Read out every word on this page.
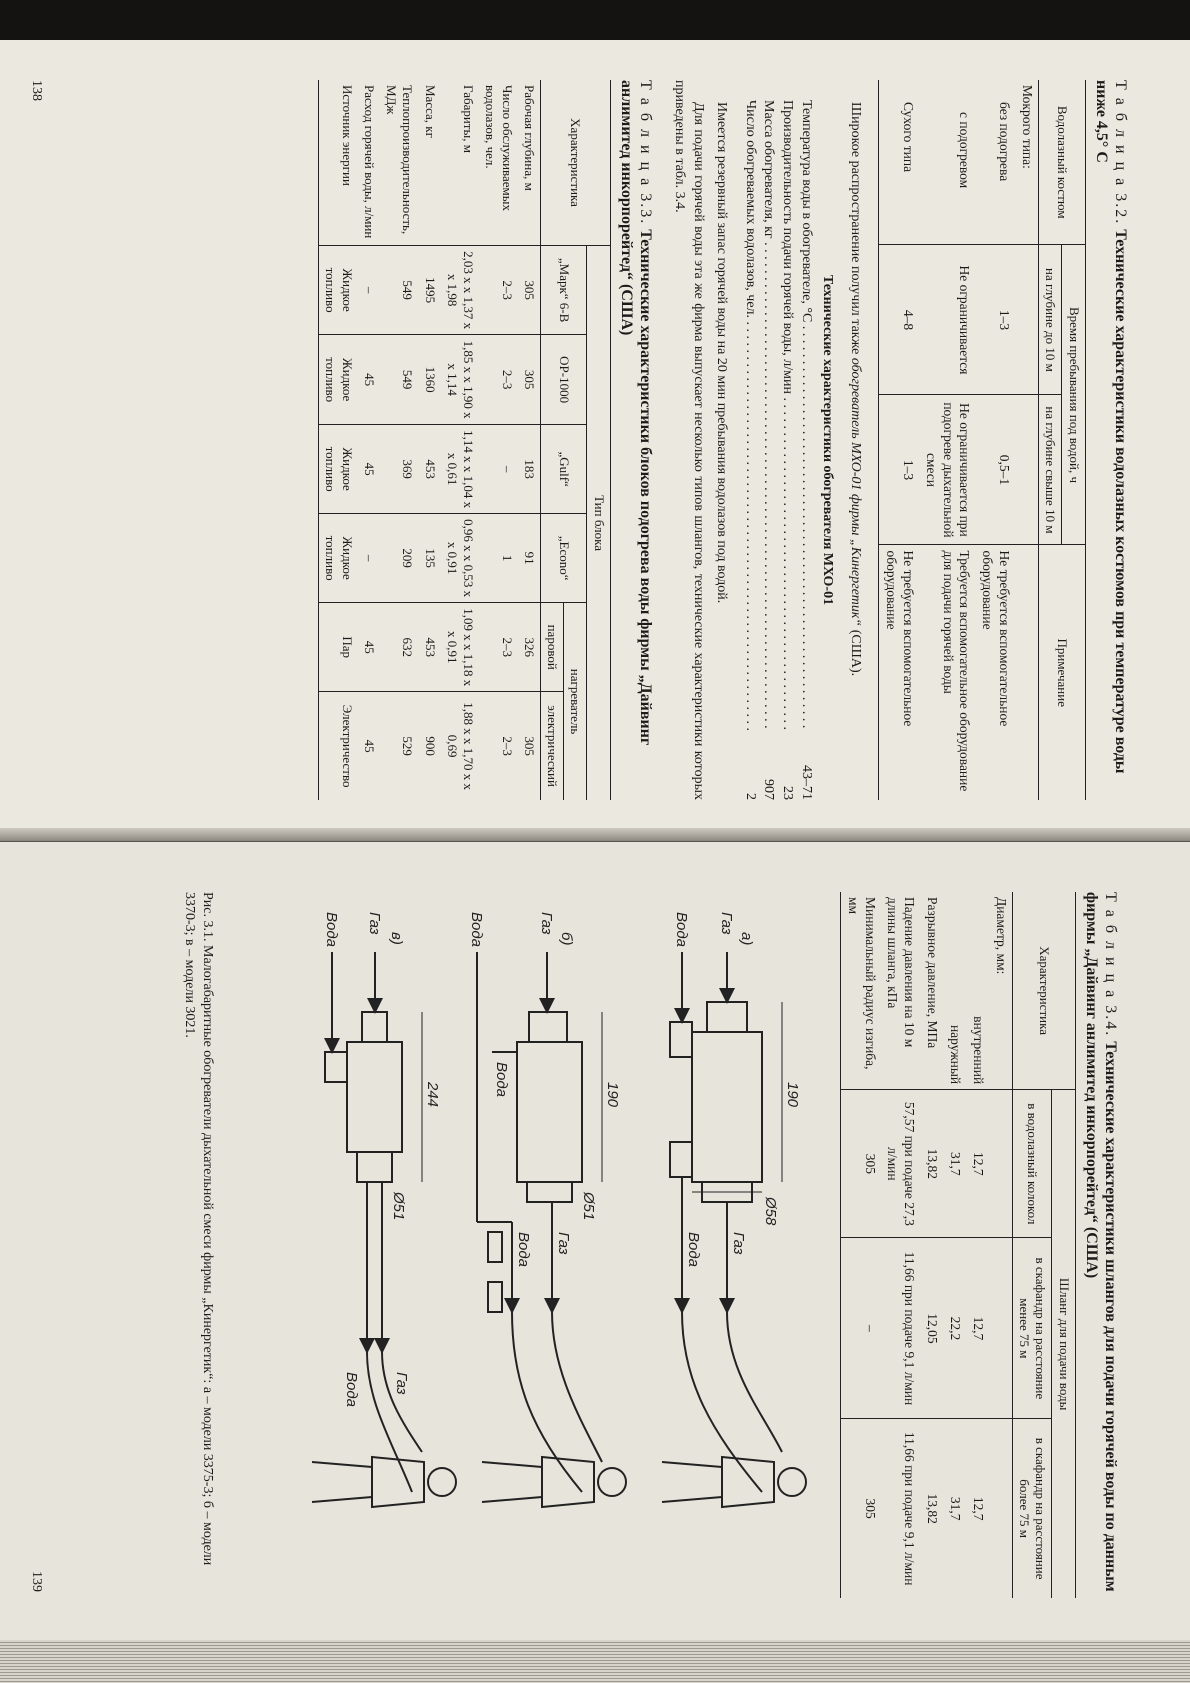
Т а б л и ц а 3.2. Технические характеристики водолазных костюмов при температуре воды ниже 4,5° С
Водолазный костюм	Время пребывания под водой, ч		Примечание
	на глубине до 10 м	на глубине свыше 10 м	
Мокрого типа:			
без подогрева	1–3	0,5–1	Не требуется вспомогательное оборудование
с подогревом	Не ограничивается	Не ограничивается при подогреве дыхательной смеси	Требуется вспомогательное оборудование для подачи горячей воды
Сухого типа	4–8	1–3	Не требуется вспомогательное оборудование

Широкое распространение получил также обогреватель МХО-01 фирмы „Кинергетик“ (США).

Технические характеристики обогревателя МХО-01
Температура воды в обогревателе, °С . . .
43–71
Производительность подачи горячей воды, л/мин . . .
23
Масса обогревателя, кг . . .
907
Число обогреваемых водолазов, чел. . . .
2

Имеется резервный запас горячей воды на 20 мин пребывания водолазов под водой.

Для подачи горячей воды эта же фирма выпускает несколько типов шлангов, технические характеристики которых приведены в табл. 3.4.

Т а б л и ц а 3.3. Технические характеристики блоков подогрева воды фирмы „Дайвинг анлимитед инкорпорейтед“ (США)
Характеристика	Тип блока					
	„Марк“ 6-В	ОР-1000	„Gulf“	„Econo“	нагреватель	
					паровой	электрический
Рабочая глубина, м	305	305	183	91	326	305
Число обслуживаемых водолазов, чел.	2–3	2–3	–	1	2–3	2–3
Габариты, м	2,03 х х 1,37 х х 1,98	1,85 х х 1,90 х х 1,14	1,14 х х 1,04 х х 0,61	0,96 х х 0,53 х х 0,91	1,09 х х 1,18 х х 0,91	1,88 х х 1,70 х х 0,69
Масса, кг	1495	1360	453	135	453	900
Теплопроизводительность, МДж	549	549	369	209	632	529
Расход горячей воды, л/мин	–	45	45	–	45	45
Источник энергии	Жидкое топливо	Жидкое топливо	Жидкое топливо	Жидкое топливо	Пар	Электричество
138
Т а б л и ц а 3.4. Технические характеристики шлангов для подачи горячей воды по данным фирмы „Дайвинг анлимитед инкорпорейтед“ (США)
Характеристика	Шланг для подачи воды		
	в водолазный колокол	в скафандр на расстояние менее 75 м	в скафандр на расстояние более 75 м
Диаметр, мм:			
внутренний	12,7	12,7	12,7
наружный	31,7	22,2	31,7
Разрывное давление, МПа	13,82	12,05	13,82
Падение давления на 10 м длины шланга, кПа	57,57 при подаче 27,3 л/мин	11,66 при подаче 9,1 л/мин	11,66 при подаче 9,1 л/мин
Минимальный радиус изгиба, мм	305	–	305
а)
Газ
Вода
Газ
Вода
190
Ø58
б)
Газ
Вода
Вода
Газ
Вода
190
Ø51
в)
Газ
Вода
Газ
Вода
244
Ø51
Рис. 3.1. Малогабаритные обогреватели дыхательной смеси фирмы „Кинергетик“: а – модели 3375-3; б – модели 3370-3; в – модели 3021.
139
